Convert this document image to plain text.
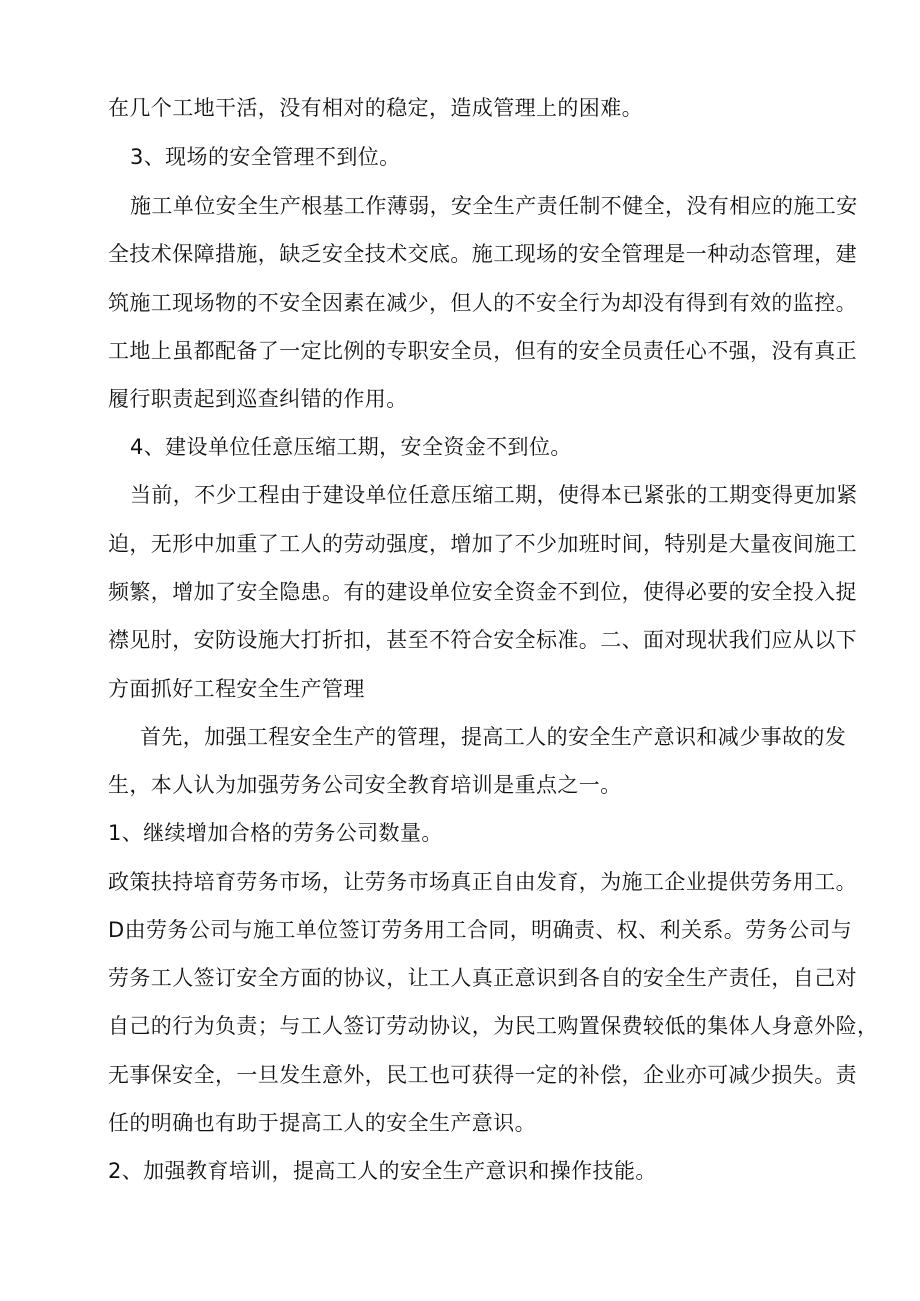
在几个工地干活，没有相对的稳定，造成管理上的困难。

3、现场的安全管理不到位。

施工单位安全生产根基工作薄弱，安全生产责任制不健全，没有相应的施工安

全技术保障措施，缺乏安全技术交底。施工现场的安全管理是一种动态管理，建

筑施工现场物的不安全因素在减少，但人的不安全行为却没有得到有效的监控。

工地上虽都配备了一定比例的专职安全员，但有的安全员责任心不强，没有真正

履行职责起到巡查纠错的作用。

4、建设单位任意压缩工期，安全资金不到位。

当前，不少工程由于建设单位任意压缩工期，使得本已紧张的工期变得更加紧

迫，无形中加重了工人的劳动强度，增加了不少加班时间，特别是大量夜间施工

频繁，增加了安全隐患。有的建设单位安全资金不到位，使得必要的安全投入捉

襟见肘，安防设施大打折扣，甚至不符合安全标准。二、面对现状我们应从以下

方面抓好工程安全生产管理

首先，加强工程安全生产的管理，提高工人的安全生产意识和减少事故的发

生，本人认为加强劳务公司安全教育培训是重点之一。

1、继续增加合格的劳务公司数量。

政策扶持培育劳务市场，让劳务市场真正自由发育，为施工企业提供劳务用工。

D由劳务公司与施工单位签订劳务用工合同，明确责、权、利关系。劳务公司与

劳务工人签订安全方面的协议，让工人真正意识到各自的安全生产责任，自己对

自己的行为负责；与工人签订劳动协议，为民工购置保费较低的集体人身意外险，

无事保安全，一旦发生意外，民工也可获得一定的补偿，企业亦可减少损失。责

任的明确也有助于提高工人的安全生产意识。

2、加强教育培训，提高工人的安全生产意识和操作技能。
